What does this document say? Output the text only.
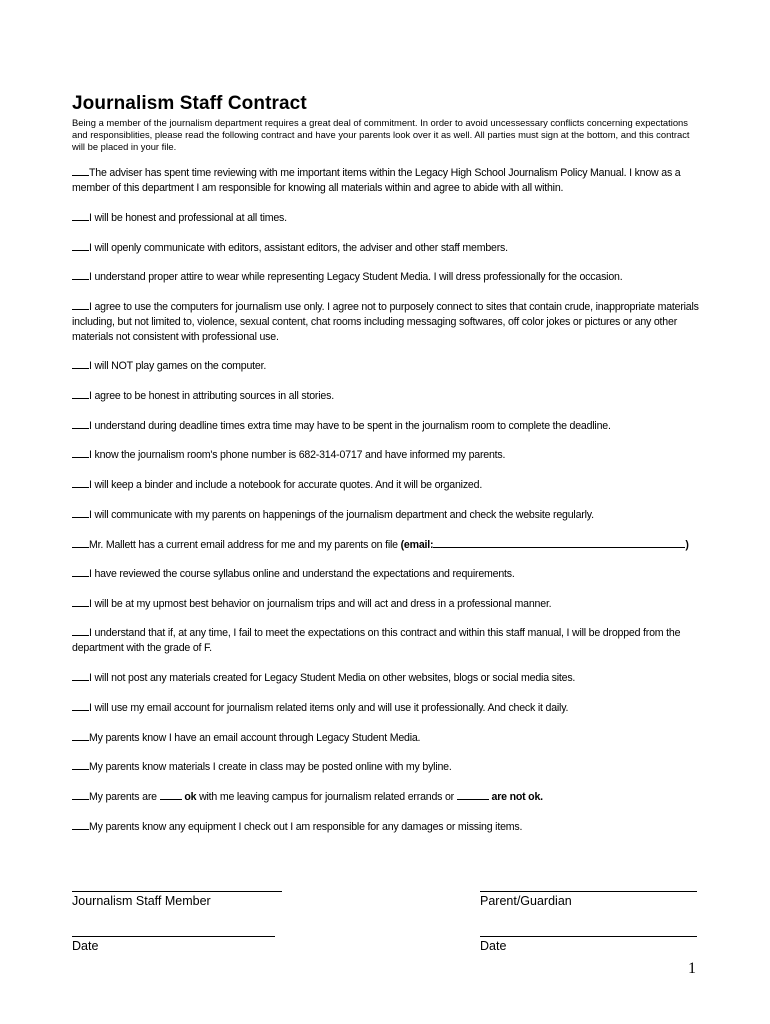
Journalism Staff Contract
Being a member of the journalism department requires a great deal of commitment. In order to avoid uncessessary conflicts concerning expectations and responsiblities, please read the following contract and have your parents look over it as well. All parties must sign at the bottom, and this contract will be placed in your file.
The adviser has spent time reviewing with me important items within the Legacy High School Journalism Policy Manual. I know as a member of this department I am responsible for knowing all materials within and agree to abide with all within.
I will be honest and professional at all times.
I will openly communicate with editors, assistant editors, the adviser and other staff members.
I understand proper attire to wear while representing Legacy Student Media. I will dress professionally for the occasion.
I agree to use the computers for journalism use only. I agree not to purposely connect to sites that contain crude, inappropriate materials including, but not limited to, violence, sexual content, chat rooms including messaging softwares, off color jokes or pictures or any other materials not consistent with professional use.
I will NOT play games on the computer.
I agree to be honest in attributing sources in all stories.
I understand during deadline times extra time may have to be spent in the journalism room to complete the deadline.
I know the journalism room's phone number is 682-314-0717 and have informed my parents.
I will keep a binder and include a notebook for accurate quotes. And it will be organized.
I will communicate with my parents on happenings of the journalism department and check the website regularly.
Mr. Mallett has a current email address for me and my parents on file (email:	)
I have reviewed the course syllabus online and understand the expectations and requirements.
I will be at my upmost best behavior on journalism trips and will act and dress in a professional manner.
I understand that if, at any time, I fail to meet the expectations on this contract and within this staff manual, I will be dropped from the department with the grade of F.
I will not post any materials created for Legacy Student Media on other websites, blogs or social media sites.
I will use my email account for journalism related items only and will use it professionally. And check it daily.
My parents know I have an email account through Legacy Student Media.
My parents know materials I create in class may be posted online with my byline.
My parents are  ok with me leaving campus for journalism related errands or	are not ok.
My parents know any equipment I check out I am responsible for any damages or missing items.
Journalism Staff Member	Parent/Guardian
Date	Date
1
